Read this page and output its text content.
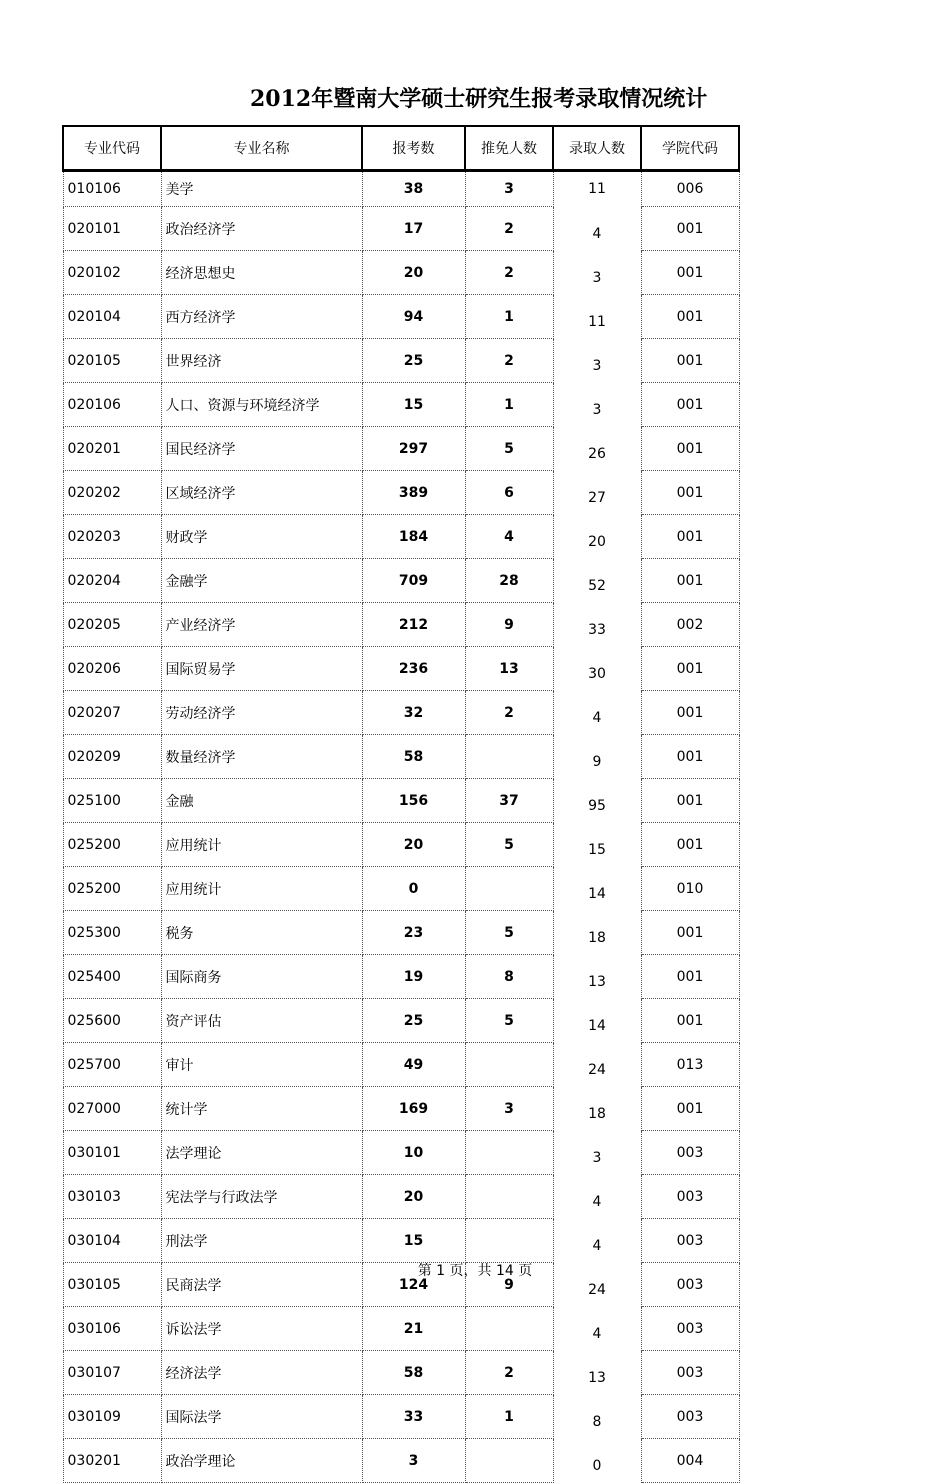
2012年暨南大学硕士研究生报考录取情况统计
专业代码	专业名称	报考数	推免人数	录取人数	学院代码
010106	美学	38	3	11	006
020101	政治经济学	17	2	4	001
020102	经济思想史	20	2	3	001
020104	西方经济学	94	1	11	001
020105	世界经济	25	2	3	001
020106	人口、资源与环境经济学	15	1	3	001
020201	国民经济学	297	5	26	001
020202	区域经济学	389	6	27	001
020203	财政学	184	4	20	001
020204	金融学	709	28	52	001
020205	产业经济学	212	9	33	002
020206	国际贸易学	236	13	30	001
020207	劳动经济学	32	2	4	001
020209	数量经济学	58		9	001
025100	金融	156	37	95	001
025200	应用统计	20	5	15	001
025200	应用统计	0		14	010
025300	税务	23	5	18	001
025400	国际商务	19	8	13	001
025600	资产评估	25	5	14	001
025700	审计	49		24	013
027000	统计学	169	3	18	001
030101	法学理论	10		3	003
030103	宪法学与行政法学	20		4	003
030104	刑法学	15		4	003
030105	民商法学	124	9	24	003
030106	诉讼法学	21		4	003
030107	经济法学	58	2	13	003
030109	国际法学	33	1	8	003
030201	政治学理论	3		0	004
第 1 页，共 14 页
